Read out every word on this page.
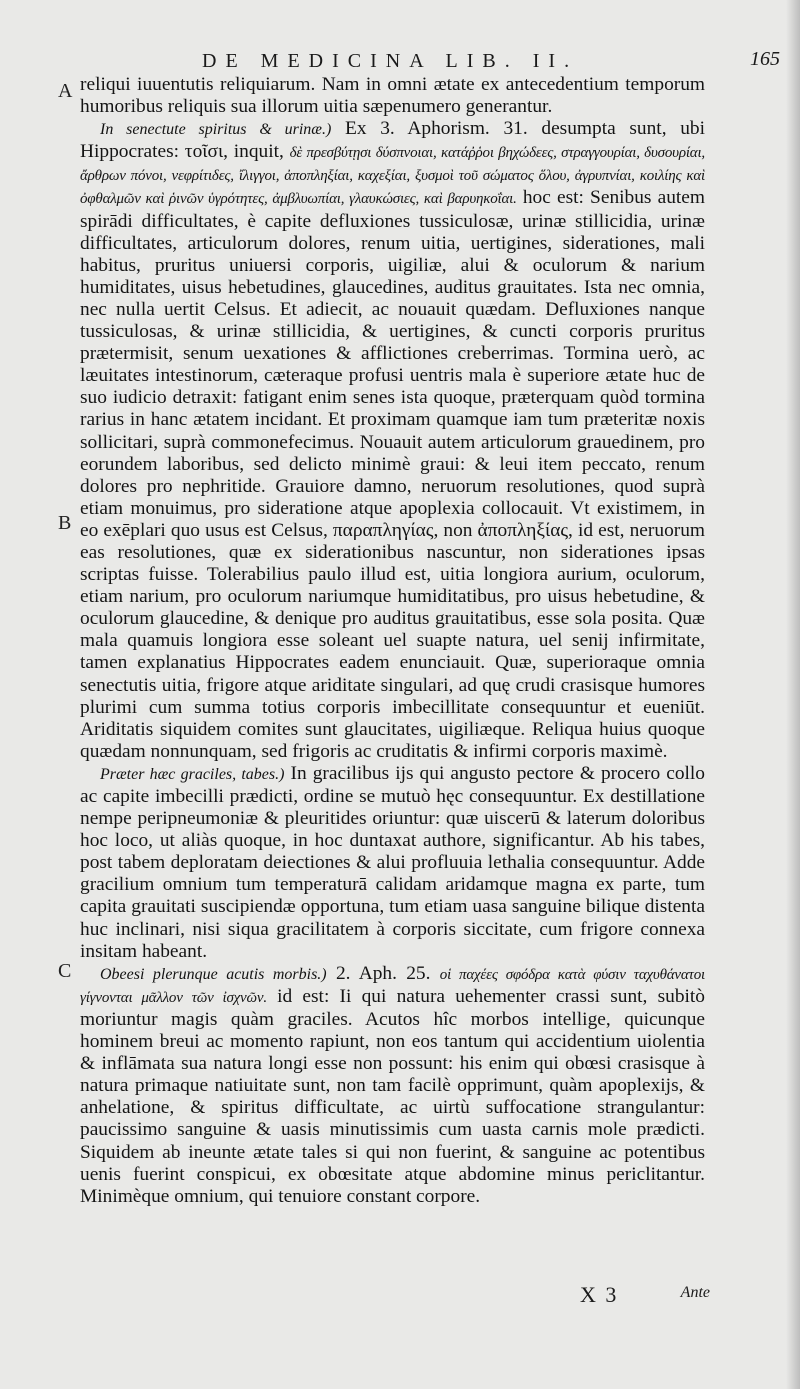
DE MEDICINA LIB. II.	165
A
B
C

reliqui iuuentutis reliquiarum. Nam in omni ætate ex antecedentium temporum humoribus reliquis sua illorum uitia sæpenumero generantur.

In senectute spiritus & urinæ.) Ex 3. Aphorism. 31. desumpta sunt, ubi Hippocrates: τοῖσι, inquit, δὲ πρεσβύτῃσι δύσπνοιαι, κατάῤῥοι βηχώδεες, στραγγουρίαι, δυσουρίαι, ἄρθρων πόνοι, νεφρίτιδες, ἴλιγγοι, ἀποπληξίαι, καχεξίαι, ξυσμοὶ τοῦ σώματος ὅλου, ἀγρυπνίαι, κοιλίης καὶ ὀφθαλμῶν καὶ ῥινῶν ὑγρότητες, ἀμβλυωπίαι, γλαυκώσιες, καὶ βαρυηκοΐαι. hoc est: Senibus autem spirādi difficultates, è capite defluxiones tussiculosæ, urinæ stillicidia, urinæ difficultates, articulorum dolores, renum uitia, uertigines, siderationes, mali habitus, pruritus uniuersi corporis, uigiliæ, alui & oculorum & narium humiditates, uisus hebetudines, glaucedines, auditus grauitates. Ista nec omnia, nec nulla uertit Celsus. Et adiecit, ac nouauit quædam. Defluxiones nanque tussiculosas, & urinæ stillicidia, & uertigines, & cuncti corporis pruritus prætermisit, senum uexationes & afflictiones creberrimas. Tormina uerò, ac læuitates intestinorum, cæteraque profusi uentris mala è superiore ætate huc de suo iudicio detraxit: fatigant enim senes ista quoque, præterquam quòd tormina rarius in hanc ætatem incidant. Et proximam quamque iam tum præteritæ noxis sollicitari, suprà commonefecimus. Nouauit autem articulorum grauedinem, pro eorundem laboribus, sed delicto minimè graui: & leui item peccato, renum dolores pro nephritide. Grauiore damno, neruorum resolutiones, quod suprà etiam monuimus, pro sideratione atque apoplexia collocauit. Vt existimem, in eo exēplari quo usus est Celsus, παραπληγίας, non ἀποπληξίας, id est, neruorum eas resolutiones, quæ ex siderationibus nascuntur, non siderationes ipsas scriptas fuisse. Tolerabilius paulo illud est, uitia longiora aurium, oculorum, etiam narium, pro oculorum nariumque humiditatibus, pro uisus hebetudine, & oculorum glaucedine, & denique pro auditus grauitatibus, esse sola posita. Quæ mala quamuis longiora esse soleant uel suapte natura, uel senij infirmitate, tamen explanatius Hippocrates eadem enunciauit. Quæ, superioraque omnia senectutis uitia, frigore atque ariditate singulari, ad quę crudi crasisque humores plurimi cum summa totius corporis imbecillitate consequuntur et eueniūt. Ariditatis siquidem comites sunt glaucitates, uigiliæque. Reliqua huius quoque quædam nonnunquam, sed frigoris ac cruditatis & infirmi corporis maximè.

Præter hæc graciles, tabes.) In gracilibus ijs qui angusto pectore & procero collo ac capite imbecilli prædicti, ordine se mutuò hęc consequuntur. Ex destillatione nempe peripneumoniæ & pleuritides oriuntur: quæ uiscerū & laterum doloribus hoc loco, ut aliàs quoque, in hoc duntaxat authore, significantur. Ab his tabes, post tabem deploratam deiectiones & alui profluuia lethalia consequuntur. Adde gracilium omnium tum temperaturā calidam aridamque magna ex parte, tum capita grauitati suscipiendæ opportuna, tum etiam uasa sanguine bilique distenta huc inclinari, nisi siqua gracilitatem à corporis siccitate, cum frigore connexa insitam habeant.

Obeesi plerunque acutis morbis.) 2. Aph. 25. οἱ παχέες σφόδρα κατὰ φύσιν ταχυθάνατοι γίγνονται μᾶλλον τῶν ἰσχνῶν. id est: Ii qui natura uehementer crassi sunt, subitò moriuntur magis quàm graciles. Acutos hîc morbos intellige, quicunque hominem breui ac momento rapiunt, non eos tantum qui accidentium uiolentia & inflāmata sua natura longi esse non possunt: his enim qui obœsi crasisque à natura primaque natiuitate sunt, non tam facilè opprimunt, quàm apoplexijs, & anhelatione, & spiritus difficultate, ac uirtù suffocatione strangulantur: paucissimo sanguine & uasis minutissimis cum uasta carnis mole prædicti. Siquidem ab ineunte ætate tales si qui non fuerint, & sanguine ac potentibus uenis fuerint conspicui, ex obœsitate atque abdomine minus periclitantur. Minimèque omnium, qui tenuiore constant corpore.

X 3	Ante
